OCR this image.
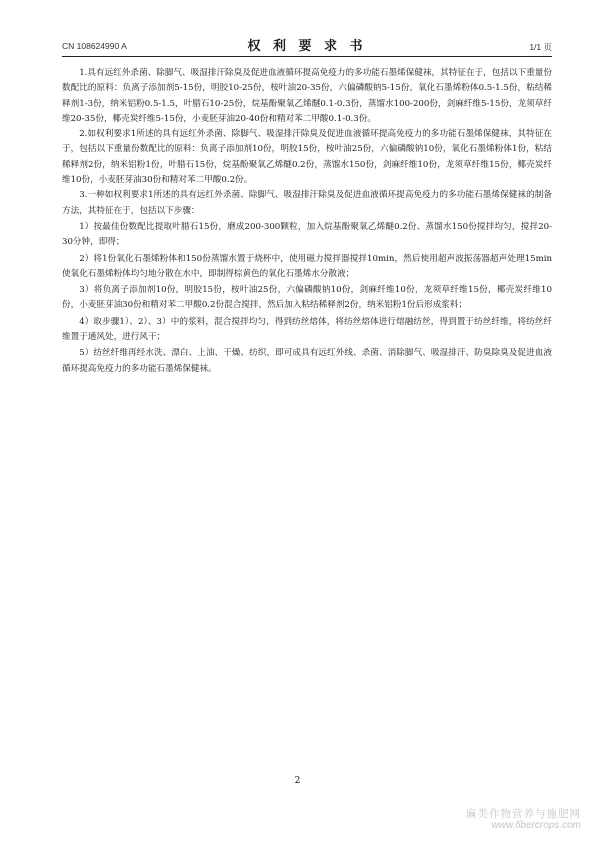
CN 108624990 A	权 利 要 求 书	1/1 页

1.具有远红外杀菌、除脚气、吸湿排汗除臭及促进血液循环提高免疫力的多功能石墨烯保健袜，其特征在于，包括以下重量份数配比的原料：负离子添加剂5-15份，明胶10-25份，桉叶油20-35份，六偏磷酸钠5-15份，氧化石墨烯粉体0.5-1.5份，粘结稀释剂1-3份，纳米铝粉0.5-1.5，叶腊石10-25份，烷基酚聚氧乙烯醚0.1-0.3份，蒸馏水100-200份，剑麻纤维5-15份，龙须草纤维20-35份，椰壳炭纤维5-15份，小麦胚芽油20-40份和精对苯二甲酸0.1-0.3份。

2.如权利要求1所述的具有远红外杀菌、除脚气、吸湿排汗除臭及促进血液循环提高免疫力的多功能石墨烯保健袜，其特征在于，包括以下重量份数配比的原料：负离子添加剂10份，明胶15份，桉叶油25份，六偏磷酸钠10份，氧化石墨烯粉体1份，粘结稀释剂2份，纳米铝粉1份，叶腊石15份，烷基酚聚氧乙烯醚0.2份，蒸馏水150份，剑麻纤维10份，龙须草纤维15份，椰壳炭纤维10份，小麦胚芽油30份和精对苯二甲酸0.2份。

3.一种如权利要求1所述的具有远红外杀菌、除脚气、吸湿排汗除臭及促进血液循环提高免疫力的多功能石墨烯保健袜的制备方法，其特征在于，包括以下步骤：

1）按最佳份数配比提取叶腊石15份，磨成200-300颗粒，加入烷基酚聚氧乙烯醚0.2份、蒸馏水150份搅拌均匀，搅拌20-30分钟，即得；

2）将1份氧化石墨烯粉体和150份蒸馏水置于烧杯中，使用磁力搅拌器搅拌10min，然后使用超声波振荡器超声处理15min使氧化石墨烯粉体均匀地分散在水中，即制得棕黄色的氧化石墨烯水分散液；

3）将负离子添加剂10份，明胶15份，桉叶油25份，六偏磷酸钠10份，剑麻纤维10份，龙须草纤维15份，椰壳炭纤维10份，小麦胚芽油30份和精对苯二甲酸0.2份混合搅拌，然后加入粘结稀释剂2份，纳米铝粉1份后形成浆料；

4）取步骤1）、2）、3）中的浆料，混合搅拌均匀，得到纺丝熔体，将纺丝熔体进行熔融纺丝，得到置于纺丝纤维，将纺丝纤维置于通风处，进行风干；

5）纺丝纤维再经水洗、漂白、上油、干燥、纺织，即可成具有远红外线、杀菌、消除脚气、吸湿排汗、防臭除臭及促进血液循环提高免疫力的多功能石墨烯保健袜。

2
麻类作物营养与施肥网
www.fibercrops.com
